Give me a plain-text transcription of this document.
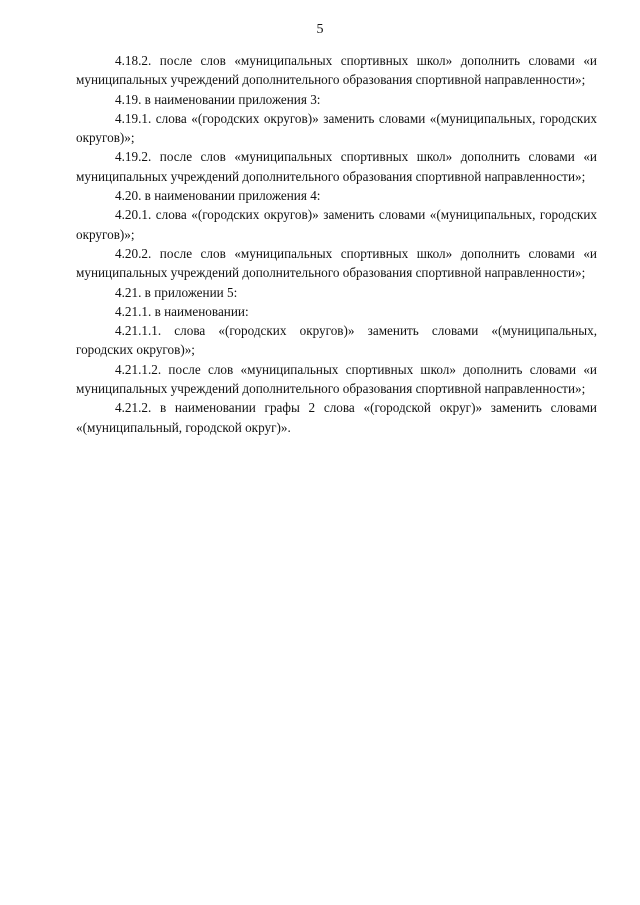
5

4.18.2. после слов «муниципальных спортивных школ» дополнить словами «и муниципальных учреждений дополнительного образования спортивной направленности»;

4.19. в наименовании приложения 3:

4.19.1. слова «(городских округов)» заменить словами «(муниципальных, городских округов)»;

4.19.2. после слов «муниципальных спортивных школ» дополнить словами «и муниципальных учреждений дополнительного образования спортивной направленности»;

4.20. в наименовании приложения 4:

4.20.1. слова «(городских округов)» заменить словами «(муниципальных, городских округов)»;

4.20.2. после слов «муниципальных спортивных школ» дополнить словами «и муниципальных учреждений дополнительного образования спортивной направленности»;

4.21. в приложении 5:

4.21.1. в наименовании:

4.21.1.1. слова «(городских округов)» заменить словами «(муниципальных, городских округов)»;

4.21.1.2. после слов «муниципальных спортивных школ» дополнить словами «и муниципальных учреждений дополнительного образования спортивной направленности»;

4.21.2. в наименовании графы 2 слова «(городской округ)» заменить словами «(муниципальный, городской округ)».
